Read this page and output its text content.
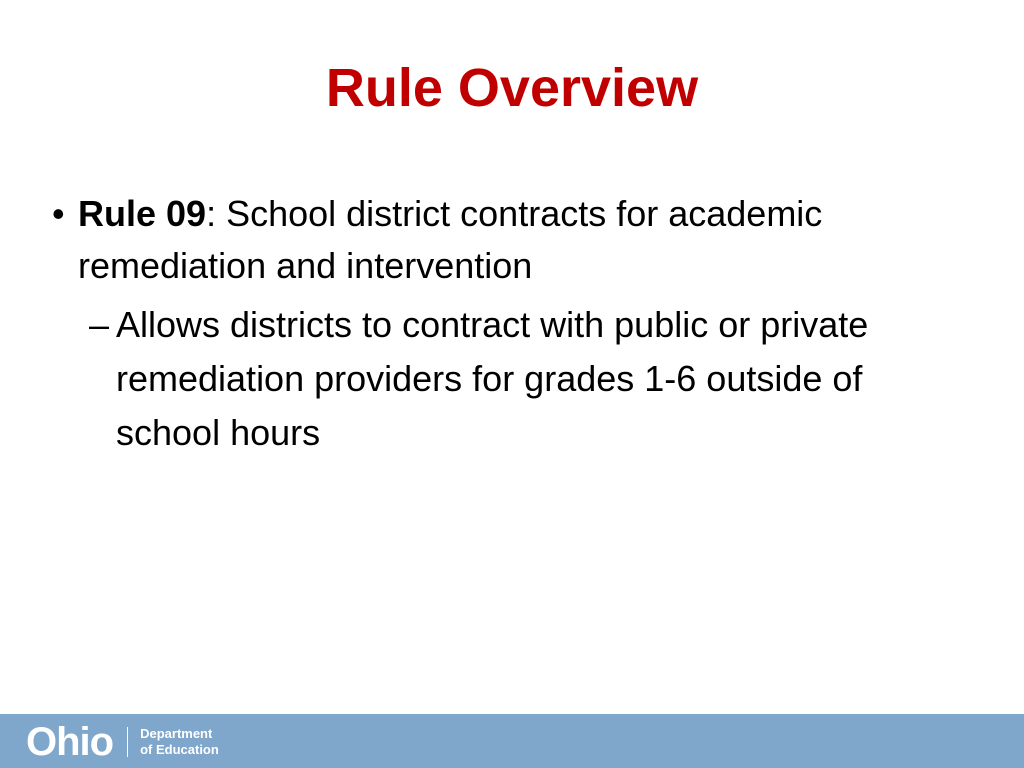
Rule Overview
• Rule 09: School district contracts for academic remediation and intervention
– Allows districts to contract with public or private remediation providers for grades 1-6 outside of school hours
Ohio Department
of Education
